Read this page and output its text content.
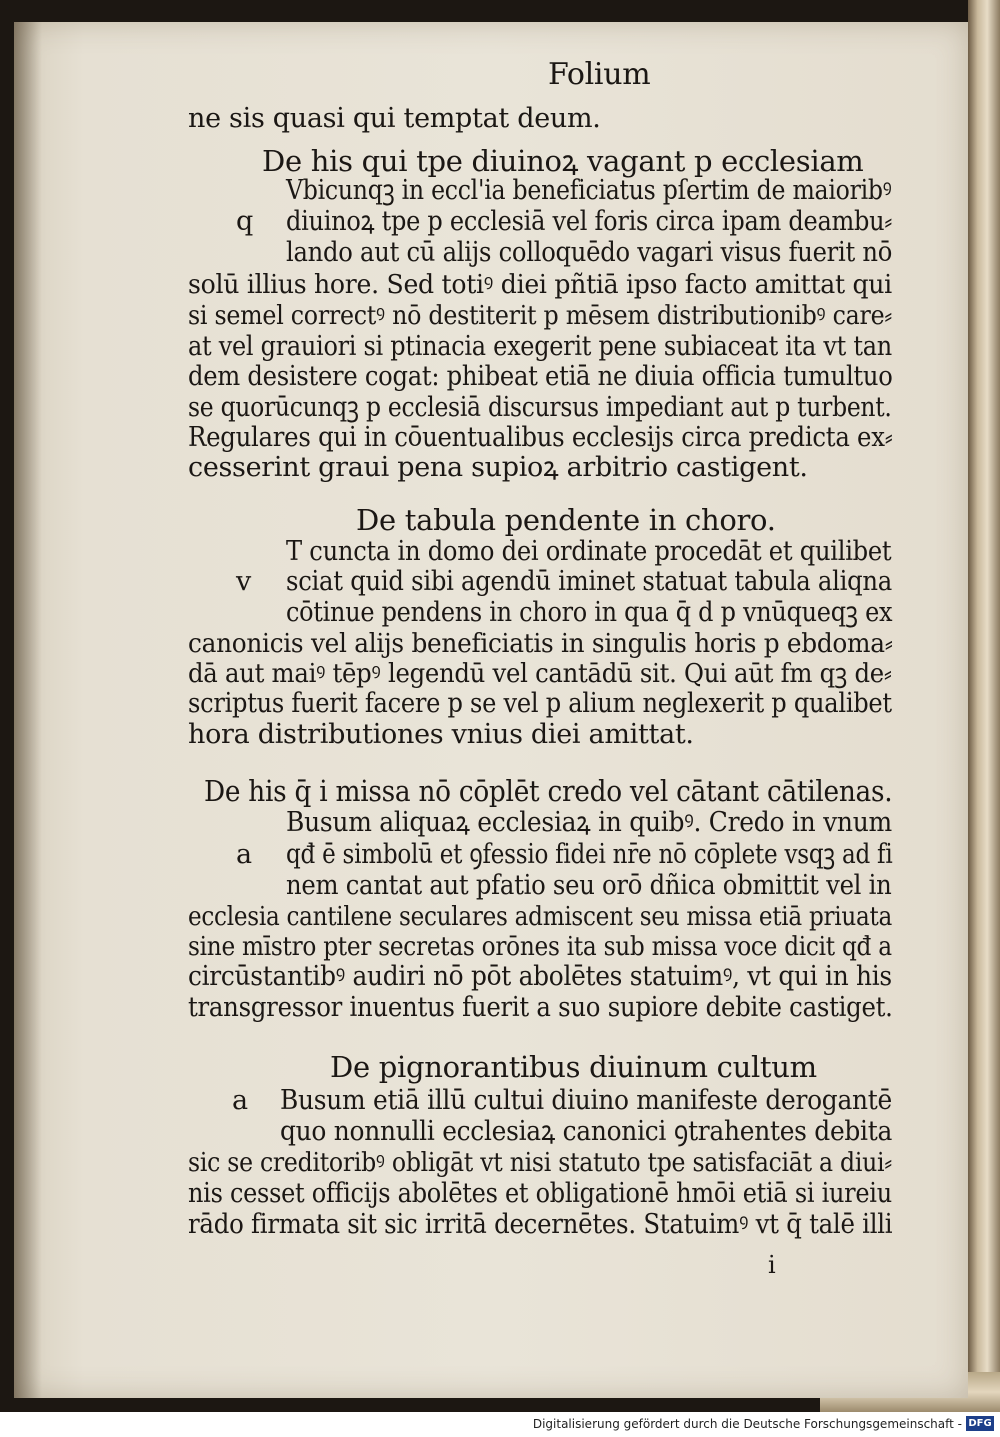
Folium
ne sis quasi qui temptat deum.
De his qui tpe diuinoꝝ vagant p ecclesiam
Vbicunqꝫ in eccl'ia beneficiatus pſertim de maioribꝰ
q diuinoꝝ tpe p ecclesiā vel foris circa ipam deambu⸗
lando aut cū alijs colloquēdo vagari visus fuerit nō
solū illius hore. Sed totiꝰ diei pñtiā ipso facto amittat qui
si semel correctꝰ nō destiterit p mēsem distributionibꝰ care⸗
at vel grauiori si ptinacia exegerit pene subiaceat ita vt tan
dem desistere cogat: phibeat etiā ne diuia officia tumultuo
se quorūcunqꝫ p ecclesiā discursus impediant aut p turbent.
Regulares qui in cōuentualibus ecclesijs circa predicta ex⸗
cesserint graui pena supioꝝ arbitrio castigent.
De tabula pendente in choro.
T cuncta in domo dei ordinate procedāt et quilibet
v sciat quid sibi agendū iminet statuat tabula aliqna
cōtinue pendens in choro in qua q̄ d p vnūqueqꝫ ex
canonicis vel alijs beneficiatis in singulis horis p ebdoma⸗
dā aut maiꝰ tēpꝰ legendū vel cantādū sit. Qui aūt fm qꝫ de⸗
scriptus fuerit facere p se vel p alium neglexerit p qualibet
hora distributiones vnius diei amittat.
De his q̄ i missa nō cōplēt credo vel cātant cātilenas.
Busum aliquaꝝ ecclesiaꝝ in quibꝰ. Credo in vnum
a qđ ē simbolū et ꝯfessio fidei nr̄e nō cōplete vsqꝫ ad fi
nem cantat aut pfatio seu orō dñica obmittit vel in
ecclesia cantilene seculares admiscent seu missa etiā priuata
sine mīstro pter secretas orōnes ita sub missa voce dicit qđ a
circūstantibꝰ audiri nō pōt abolētes statuimꝰ, vt qui in his
transgressor inuentus fuerit a suo supiore debite castiget.
De pignorantibus diuinum cultum
a Busum etiā illū cultui diuino manifeste derogantē
quo nonnulli ecclesiaꝝ canonici ꝯtrahentes debita
sic se creditoribꝰ obligāt vt nisi statuto tpe satisfaciāt a diui⸗
nis cesset officijs abolētes et obligationē hmōi etiā si iureiu
rādo firmata sit sic irritā decernētes. Statuimꝰ vt q̄ talē illi
i
Digitalisierung gefördert durch die Deutsche Forschungsgemeinschaft - DFG
